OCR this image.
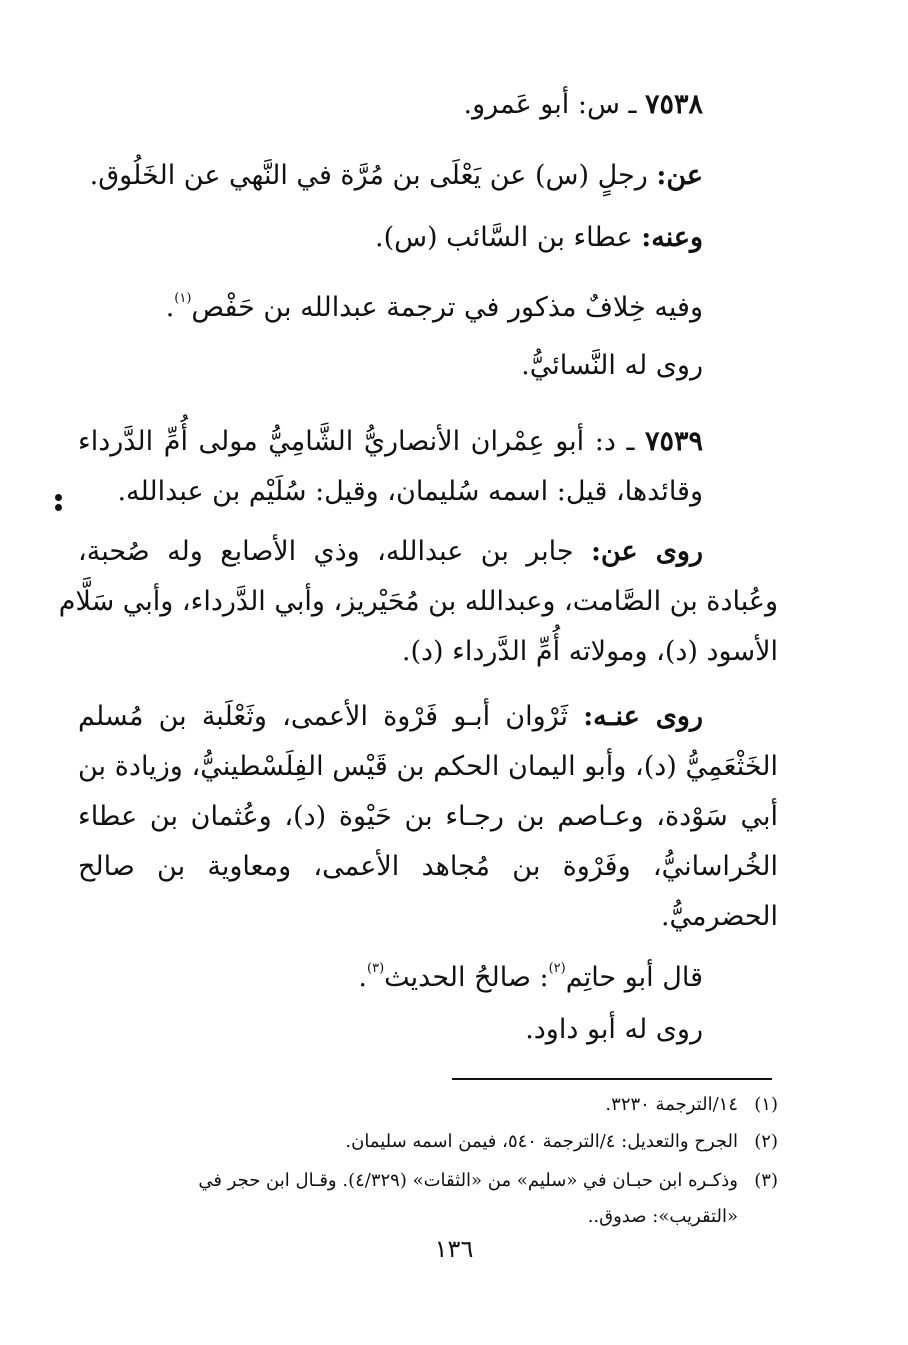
٧٥٣٨ ـ س: أبو عَمرو.
عن: رجلٍ (س) عن يَعْلَى بن مُرَّة في النَّهي عن الخَلُوق.
وعنه: عطاء بن السَّائب (س).
وفيه خِلافٌ مذكور في ترجمة عبدالله بن حَفْص$^{(١)}$.
روى له النَّسائيُّ.
٧٥٣٩ ـ د: أبو عِمْران الأنصاريُّ الشَّامِيُّ مولى أُمِّ الدَّرداء
وقائدها، قيل: اسمه سُليمان، وقيل: سُلَيْم بن عبدالله.
روى عن: جابر بن عبدالله، وذي الأصابع وله صُحبة،
وعُبادة بن الصَّامت، وعبدالله بن مُحَيْريز، وأبي الدَّرداء، وأبي سَلَّام
الأسود (د)، ومولاته أُمِّ الدَّرداء (د).
روى عنـه: ثَرْوان أبـو فَرْوة الأعمى، وثَعْلَبة بن مُسلم
الخَثْعَمِيُّ (د)، وأبو اليمان الحكم بن قَيْس الفِلَسْطينيُّ، وزيادة بن
أبي سَوْدة، وعـاصم بن رجـاء بن حَيْوة (د)، وعُثمان بن عطاء
الخُراسانيُّ، وفَرْوة بن مُجاهد الأعمى، ومعاوية بن صالح
الحضرميُّ.
قال أبو حاتِم$^{(٢)}$: صالحُ الحديث$^{(٣)}$.
روى له أبو داود.
(١)١٤/الترجمة ٣٢٣٠.
(٢)الجرح والتعديل: ٤/الترجمة ٥٤٠، فيمن اسمه سليمان.
(٣)وذكـره ابن حبـان في «سليم» من «الثقات» (٤/٣٢٩). وقـال ابن حجر في
«التقريب»: صدوق..
١٣٦
